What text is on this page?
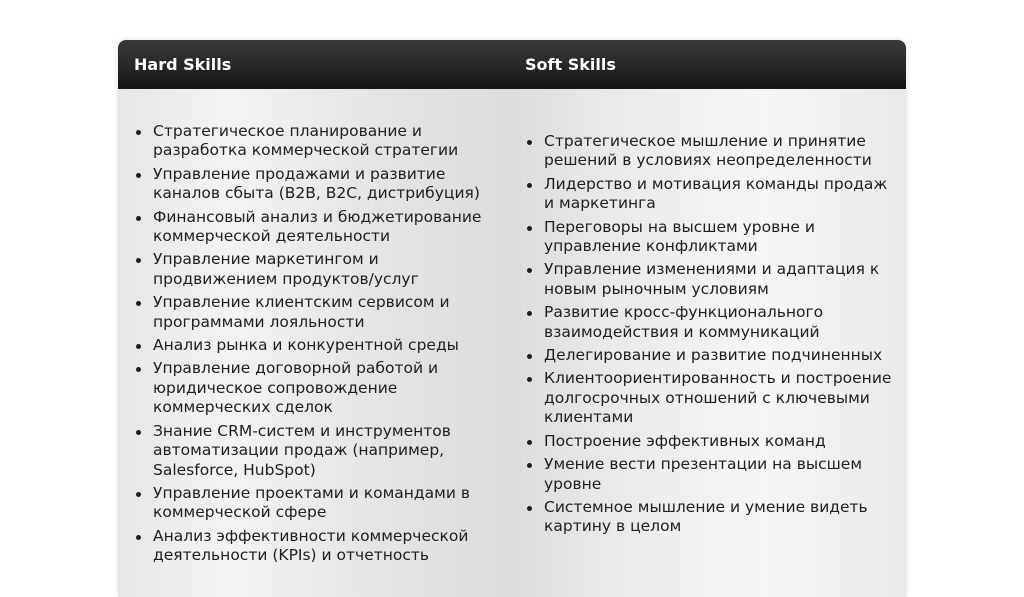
Hard Skills	Soft Skills
Стратегическое планирование и разработка коммерческой стратегии
Управление продажами и развитие каналов сбыта (B2B, B2C, дистрибуция)
Финансовый анализ и бюджетирование коммерческой деятельности
Управление маркетингом и продвижением продуктов/услуг
Управление клиентским сервисом и программами лояльности
Анализ рынка и конкурентной среды
Управление договорной работой и юридическое сопровождение коммерческих сделок
Знание CRM-систем и инструментов автоматизации продаж (например, Salesforce, HubSpot)
Управление проектами и командами в коммерческой сфере
Анализ эффективности коммерческой деятельности (KPIs) и отчетность
Стратегическое мышление и принятие решений в условиях неопределенности
Лидерство и мотивация команды продаж и маркетинга
Переговоры на высшем уровне и управление конфликтами
Управление изменениями и адаптация к новым рыночным условиям
Развитие кросс-функционального взаимодействия и коммуникаций
Делегирование и развитие подчиненных
Клиентоориентированность и построение долгосрочных отношений с ключевыми клиентами
Построение эффективных команд
Умение вести презентации на высшем уровне
Системное мышление и умение видеть картину в целом
